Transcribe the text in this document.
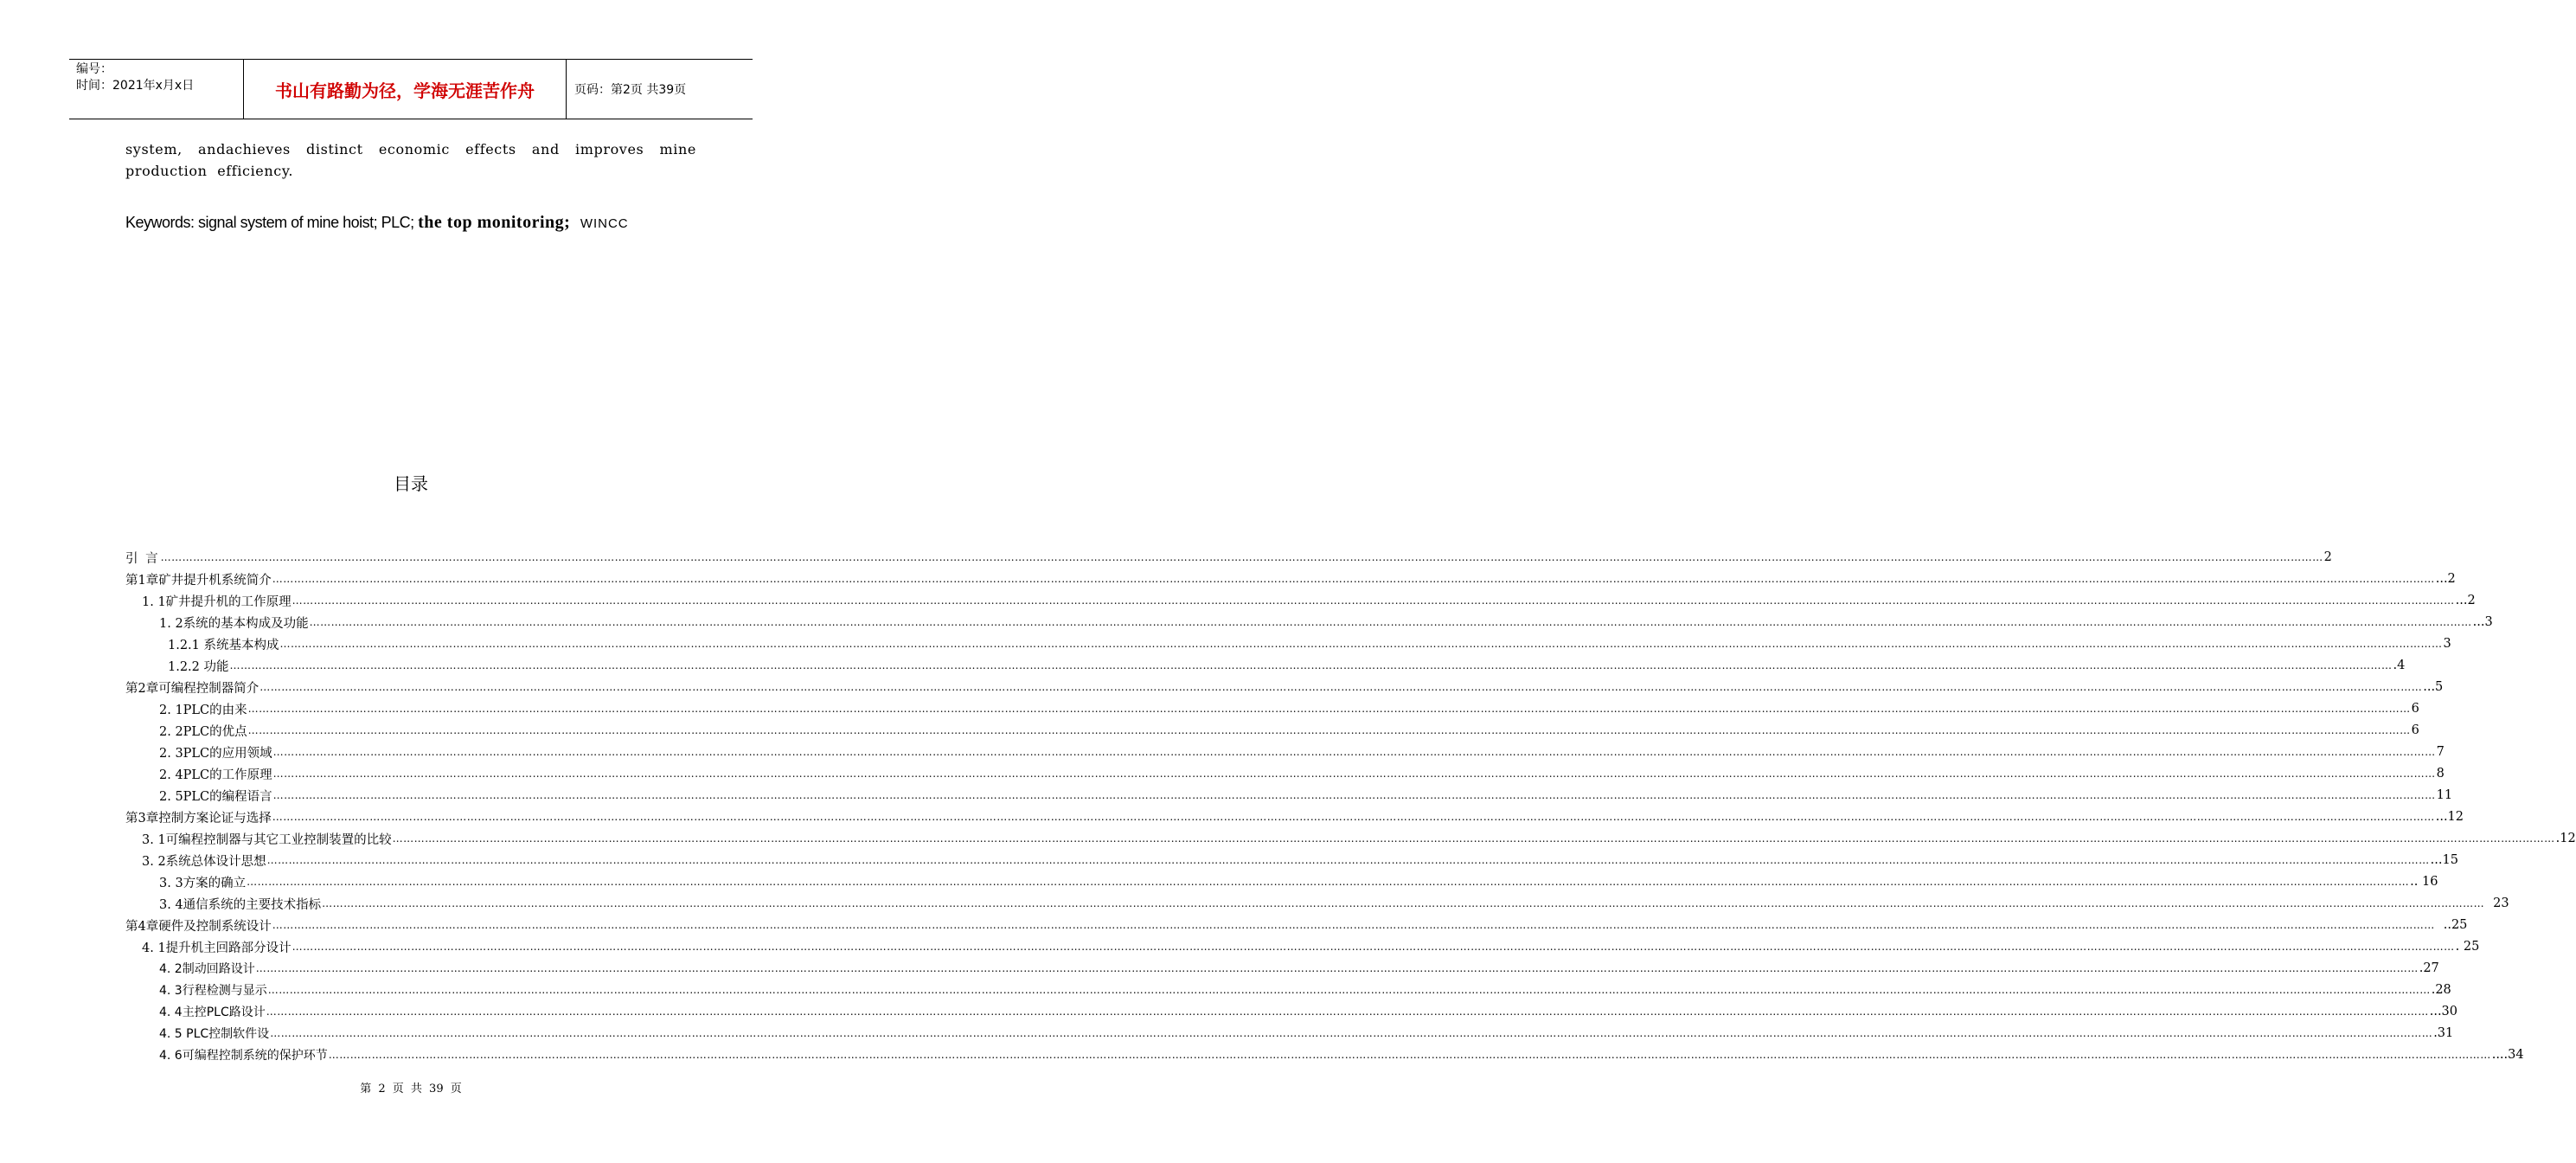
编号：
时间：2021年x月x日	书山有路勤为径，学海无涯苦作舟	页码：第2页 共39页
system, andachieves distinct economic effects and improves mine production efficiency.
Keywords: signal system of mine hoist; PLC; the top monitoring; WINCC
目录
引 言 …………………………………………………………………………………………………………………………………………………………………………………………………………………………………………………………………………………………………………………………………………………………………………………………………………………………………………………………………………………………………………………………………………………… 2
第1章矿井提升机系统简介 …………………………………………………………………………………………………………………………………………………………………………………………………………………………………………………………………………………………………………………………………………………………………………………………………………………………………………………………………………………………………………………………………………………… ...2
1. 1矿井提升机的工作原理 …………………………………………………………………………………………………………………………………………………………………………………………………………………………………………………………………………………………………………………………………………………………………………………………………………………………………………………………………………………………………………………………………………………… ...2
1. 2系统的基本构成及功能 …………………………………………………………………………………………………………………………………………………………………………………………………………………………………………………………………………………………………………………………………………………………………………………………………………………………………………………………………………………………………………………………………………………… ...3
1.2.1 系统基本构成 …………………………………………………………………………………………………………………………………………………………………………………………………………………………………………………………………………………………………………………………………………………………………………………………………………………………………………………………………………………………………………………………………………………… 3
1.2.2 功能 …………………………………………………………………………………………………………………………………………………………………………………………………………………………………………………………………………………………………………………………………………………………………………………………………………………………………………………………………………………………………………………………………………………… .4
第2章可编程控制器简介 …………………………………………………………………………………………………………………………………………………………………………………………………………………………………………………………………………………………………………………………………………………………………………………………………………………………………………………………………………………………………………………………………………………… ...5
2. 1PLC的由来 …………………………………………………………………………………………………………………………………………………………………………………………………………………………………………………………………………………………………………………………………………………………………………………………………………………………………………………………………………………………………………………………………………………… 6
2. 2PLC的优点 …………………………………………………………………………………………………………………………………………………………………………………………………………………………………………………………………………………………………………………………………………………………………………………………………………………………………………………………………………………………………………………………………………………… 6
2. 3PLC的应用领域 …………………………………………………………………………………………………………………………………………………………………………………………………………………………………………………………………………………………………………………………………………………………………………………………………………………………………………………………………………………………………………………………………………………… 7
2. 4PLC的工作原理 …………………………………………………………………………………………………………………………………………………………………………………………………………………………………………………………………………………………………………………………………………………………………………………………………………………………………………………………………………………………………………………………………………………… 8
2. 5PLC的编程语言 …………………………………………………………………………………………………………………………………………………………………………………………………………………………………………………………………………………………………………………………………………………………………………………………………………………………………………………………………………………………………………………………………………………… 11
第3章控制方案论证与选择 …………………………………………………………………………………………………………………………………………………………………………………………………………………………………………………………………………………………………………………………………………………………………………………………………………………………………………………………………………………………………………………………………………………… ...12
3. 1可编程控制器与其它工业控制装置的比较 …………………………………………………………………………………………………………………………………………………………………………………………………………………………………………………………………………………………………………………………………………………………………………………………………………………………………………………………………………………………………………………………………………………… .12
3. 2系统总体设计思想 …………………………………………………………………………………………………………………………………………………………………………………………………………………………………………………………………………………………………………………………………………………………………………………………………………………………………………………………………………………………………………………………………………………… ...15
3. 3方案的确立 …………………………………………………………………………………………………………………………………………………………………………………………………………………………………………………………………………………………………………………………………………………………………………………………………………………………………………………………………………………………………………………………………………………… .. 16
3. 4通信系统的主要技术指标 …………………………………………………………………………………………………………………………………………………………………………………………………………………………………………………………………………………………………………………………………………………………………………………………………………………………………………………………………………………………………………………………………………………… 23
第4章硬件及控制系统设计 …………………………………………………………………………………………………………………………………………………………………………………………………………………………………………………………………………………………………………………………………………………………………………………………………………………………………………………………………………………………………………………………………………………… ..25
4. 1提升机主回路部分设计 …………………………………………………………………………………………………………………………………………………………………………………………………………………………………………………………………………………………………………………………………………………………………………………………………………………………………………………………………………………………………………………………………………………… . 25
4. 2制动回路设计 …………………………………………………………………………………………………………………………………………………………………………………………………………………………………………………………………………………………………………………………………………………………………………………………………………………………………………………………………………………………………………………………………………………… .27
4. 3行程检测与显示 …………………………………………………………………………………………………………………………………………………………………………………………………………………………………………………………………………………………………………………………………………………………………………………………………………………………………………………………………………………………………………………………………………………… .28
4. 4主控PLC路设计 …………………………………………………………………………………………………………………………………………………………………………………………………………………………………………………………………………………………………………………………………………………………………………………………………………………………………………………………………………………………………………………………………………………… ...30
4. 5 PLC控制软件设 …………………………………………………………………………………………………………………………………………………………………………………………………………………………………………………………………………………………………………………………………………………………………………………………………………………………………………………………………………………………………………………………………………………… .31
4. 6可编程控制系统的保护环节 …………………………………………………………………………………………………………………………………………………………………………………………………………………………………………………………………………………………………………………………………………………………………………………………………………………………………………………………………………………………………………………………………………………… ....34
第 2 页 共 39 页
